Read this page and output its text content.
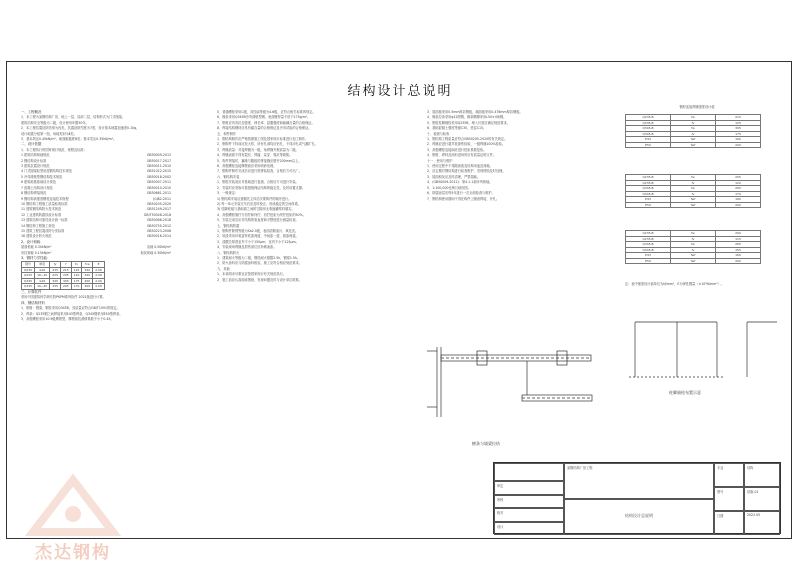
结构设计总说明
一、工程概况
1、本工程为某钢结构厂房，地上一层，局部二层，结构形式为门式刚架。
建筑结构安全等级为二级，设计使用年限50年。
2、本工程抗震设防类别为丙类，抗震设防烈度为7度，设计基本地震加速度0.10g，
设计地震分组第一组，场地类别为Ⅱ类。
3、基本风压0.45kN/m²，地面粗糙度B类；基本雪压0.35kN/m²。
二、设计依据
1、本工程执行的国家现行规范、规程及标准：
1 建筑结构荷载规范	GB50009-2012
2 钢结构设计标准	GB50017-2017
3 建筑抗震设计规范	GB50011-2010
4 门式刚架轻型房屋钢结构技术规范	GB51022-2015
5 冷弯薄壁型钢结构技术规范	GB50018-2002
6 建筑地基基础设计规范	GB50007-2011
7 混凝土结构设计规范	GB50010-2010
8 钢结构焊接规范	GB50661-2011
9 钢结构高强度螺栓连接技术规程	JGJ82-2011
10 钢结构工程施工质量验收标准	GB50205-2020
11 建筑钢结构防火技术规范	GB51249-2017
12 工业建筑防腐蚀设计标准	GB/T50046-2018
13 建筑结构可靠性设计统一标准	GB50068-2018
14 钢结构工程施工规范	GB50755-2012
15 建筑工程抗震设防分类标准	GB50223-2008
16 建筑设计防火规范	GB50016-2014
2、设计荷载：
屋面恒载 0.30kN/m²	活载 0.50kN/m²
吊挂荷载 0.15kN/m²	积灰荷载 0.30kN/m²
3、钢材力学性能：
钢号	厚度	fy	f	fv	fce	E
Q235	≤16	235	215	125	320	2.06
Q235	16~40	225	205	120	320	2.06
Q345	≤16	345	305	175	400	2.06
Q345	16~40	335	295	170	400	2.06
三、计算软件
采用中国建筑科学研究院PKPM系列软件 2021版进行计算。
四、钢结构材料
1、钢材：钢梁、钢柱采用Q345B，其质量应符合GB/T1591的规定。
2、焊条：Q235钢之间焊接采用E43型焊条，Q345钢采用E50型焊条。
3、高强螺栓采用10.9级摩擦型，摩擦面抗滑移系数不小于0.45。
5、普通螺栓采用C级，其性能等级为4.6级，应符合相关标准的规定。
6、檩条采用Q345B冷弯薄壁型钢，表面镀锌量不低于275g/m²。
7、钢材应具有抗拉强度、伸长率、屈服强度和硫磷含量的合格保证。
8、焊接结构钢材应具有碳含量的合格保证及冷弯试验的合格保证。
五、构件制作
1、钢结构制作应严格按照施工图及国家现行标准进行加工制作。
2、钢构件下料前应放大样，所有孔洞均应钻孔，不得冲孔或气割扩孔。
3、焊缝质量：对接焊缝为一级，角焊缝外观质量为二级。
4、焊缝表面不得有裂纹、焊瘤、烧穿、弧坑等缺陷。
5、构件拼接时，翼缘与腹板的拼接缝应错开200mm以上。
6、高强螺栓连接摩擦面应采用喷砂处理。
7、钢构件制作完成后应进行预拼装检查，合格后方可出厂。
六、钢结构安装
1、钢柱安装前应对基础进行复测，合格后方可进行安装。
2、安装时应采取可靠措施保证结构的稳定性，及时设置支撑。
3、一般规定：
1) 钢结构安装应遵循先主体后次要构件的顺序进行。
2) 每一单元安装完毕后应及时校正，形成稳定的空间体系。
3) 柱脚底板与基础面之间的空隙用无收缩灌浆料填实。
4、高强螺栓施拧分初拧和终拧，初拧扭矩为终拧扭矩的50%。
5、安装完成后应对结构的垂直度和平整度进行测量检查。
七、钢结构防腐
1、钢构件除锈等级为Sa2.5级，表面清除油污、氧化皮。
2、底漆采用环氧富锌底漆两道，中间漆一道，面漆两道。
3、漆膜总厚度室外不小于150μm，室内不小于125μm。
4、安装现场焊缝及损伤部位应补刷油漆。
八、钢结构防火
1、建筑耐火等级为二级，钢柱耐火极限2.5h，钢梁1.5h。
2、防火涂料应与防腐涂料相容，施工应符合相应规范要求。
九、其他
1、本说明未尽事宜应按国家现行有关规范执行。
2、施工前应认真阅读图纸，发现问题及时与设计单位联系。
3、屋面板采用0.5mm厚彩钢板，墙面板采用0.476mm厚彩钢板。
4、檩条拉条采用φ12圆钢，檩条隅撑采用L50×4角钢。
5、钢柱柱脚锚栓采用Q235B，埋入长度应满足规范要求。
6、基础混凝土强度等级C30，垫层C15。
十、检测与验收
1、钢结构工程质量应符合GB50205-2020的有关规定。
2、焊缝应进行超声波探伤检验，一级焊缝100%检验。
3、高强螺栓连接副应进行扭矩系数复验。
4、钢材、焊材及涂料进场时应有质量证明文件。
十一、使用与维护
1、使用过程中不得随意改变结构用途及荷载。
2、应定期对钢结构进行检查维护，发现锈蚀及时处理。
3、屋面积灰应及时清理，严禁超载。
4、(GB50009-2012)：第4.1.1条所列荷载。
5、1:100,000比例尺地形图。
6、防腐涂层应每5年进行一次全面检查与维护。
7、钢结构使用期间不得在构件上随意焊接、开孔。
檩条与墙梁拉结
钢材连接焊缝强度设计值
Q235-B	fw	215
Q235-B	fv	125
Q345-B	fw	305
Q345-B	fv	175
E43	fwf	160
E50	fwf	200
Q235-B	fw	205
Q235-B	fv	120
Q345-B	fw	295
Q345-B	fv	170
E43	fwf	160
E50	fwf	200
Q235-B	fw	200
Q235-B	fv	115
Q345-B	fw	265
Q345-B	fv	155
E43	fwf	160
E50	fwf	200
注：表中强度设计值单位为N/mm²，E为弹性模量（×10⁵N/mm²）。
柱脚锚栓布置示意
某钢结构厂房工程
结构设计总说明
审定
审核
校对
设计
专业	结构
图号	结施-01
日期	2022.05
杰达钢构
